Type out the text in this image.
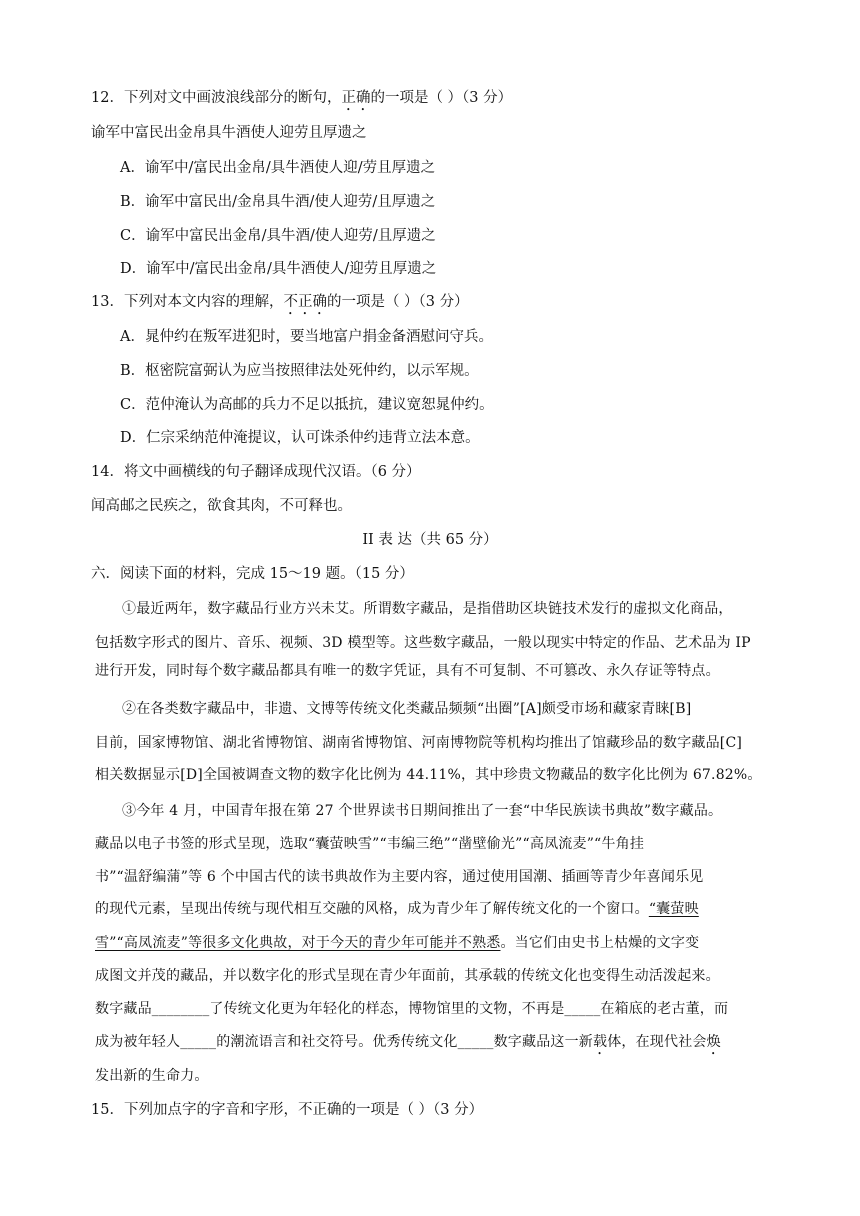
12．下列对文中画波浪线部分的断句，正确的一项是（ ）（3 分）
谕军中富民出金帛具牛酒使人迎劳且厚遗之
A．谕军中/富民出金帛/具牛酒使人迎/劳且厚遗之
B．谕军中富民出/金帛具牛酒/使人迎劳/且厚遗之
C．谕军中富民出金帛/具牛酒/使人迎劳/且厚遗之
D．谕军中/富民出金帛/具牛酒使人/迎劳且厚遗之
13．下列对本文内容的理解，不正确的一项是（ ）（3 分）
A．晁仲约在叛军进犯时，要当地富户捐金备酒慰问守兵。
B．枢密院富弼认为应当按照律法处死仲约，以示军规。
C．范仲淹认为高邮的兵力不足以抵抗，建议宽恕晁仲约。
D．仁宗采纳范仲淹提议，认可诛杀仲约违背立法本意。
14．将文中画横线的句子翻译成现代汉语。（6 分）
闻高邮之民疾之，欲食其肉，不可释也。
II 表 达（共 65 分）
六．阅读下面的材料，完成 15～19 题。（15 分）
①最近两年，数字藏品行业方兴未艾。所谓数字藏品，是指借助区块链技术发行的虚拟文化商品，
包括数字形式的图片、音乐、视频、3D 模型等。这些数字藏品，一般以现实中特定的作品、艺术品为 IP
进行开发，同时每个数字藏品都具有唯一的数字凭证，具有不可复制、不可篡改、永久存证等特点。
②在各类数字藏品中，非遗、文博等传统文化类藏品频频“出圈”[A]颇受市场和藏家青睐[B]
目前，国家博物馆、湖北省博物馆、湖南省博物馆、河南博物院等机构均推出了馆藏珍品的数字藏品[C]
相关数据显示[D]全国被调查文物的数字化比例为 44.11%，其中珍贵文物藏品的数字化比例为 67.82%。
③今年 4 月，中国青年报在第 27 个世界读书日期间推出了一套“中华民族读书典故”数字藏品。
藏品以电子书签的形式呈现，选取“囊萤映雪”“韦编三绝”“凿壁偷光”“高凤流麦”“牛角挂
书”“温舒编蒲”等 6 个中国古代的读书典故作为主要内容，通过使用国潮、插画等青少年喜闻乐见
的现代元素，呈现出传统与现代相互交融的风格，成为青少年了解传统文化的一个窗口。“囊萤映
雪”“高凤流麦”等很多文化典故，对于今天的青少年可能并不熟悉。当它们由史书上枯燥的文字变
成图文并茂的藏品，并以数字化的形式呈现在青少年面前，其承载的传统文化也变得生动活泼起来。
数字藏品________了传统文化更为年轻化的样态，博物馆里的文物，不再是_____在箱底的老古董，而
成为被年轻人_____的潮流语言和社交符号。优秀传统文化_____数字藏品这一新载体，在现代社会焕
发出新的生命力。
15．下列加点字的字音和字形，不正确的一项是（ ）（3 分）
